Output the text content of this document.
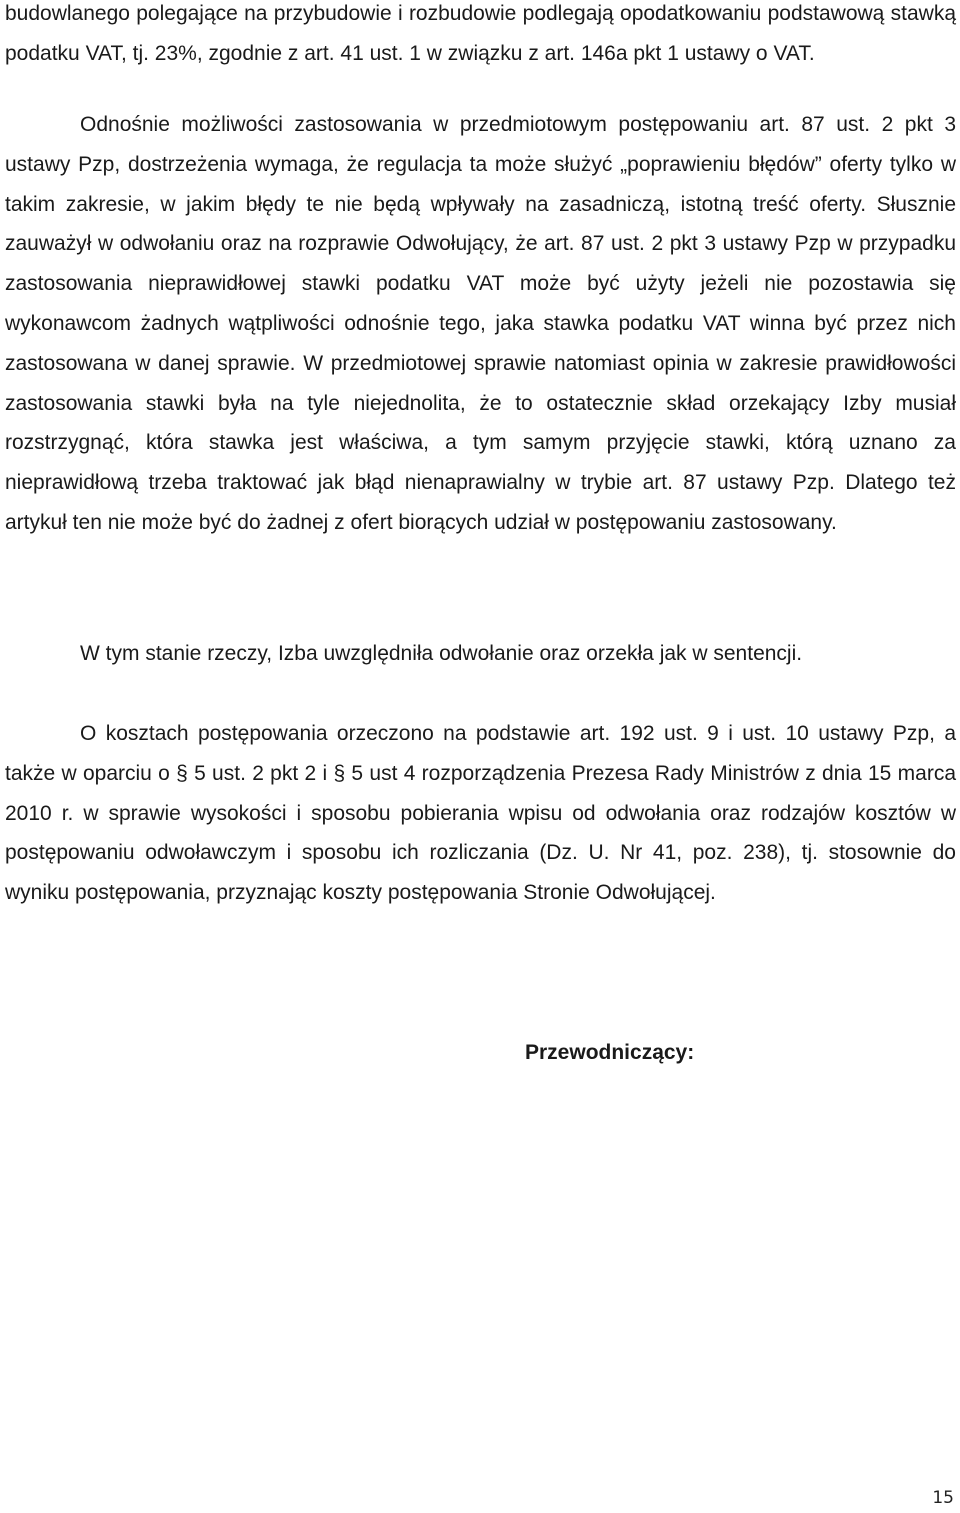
budowlanego polegające na przybudowie i rozbudowie podlegają opodatkowaniu podstawową stawką podatku VAT, tj. 23%, zgodnie z art. 41 ust. 1 w związku z art. 146a pkt 1 ustawy o VAT.

Odnośnie możliwości zastosowania w przedmiotowym postępowaniu art. 87 ust. 2 pkt 3 ustawy Pzp, dostrzeżenia wymaga, że regulacja ta może służyć „poprawieniu błędów” oferty tylko w takim zakresie, w jakim błędy te nie będą wpływały na zasadniczą, istotną treść oferty. Słusznie zauważył w odwołaniu oraz na rozprawie Odwołujący, że art. 87 ust. 2 pkt 3 ustawy Pzp w przypadku zastosowania nieprawidłowej stawki podatku VAT może być użyty jeżeli nie pozostawia się wykonawcom żadnych wątpliwości odnośnie tego, jaka stawka podatku VAT winna być przez nich zastosowana w danej sprawie. W przedmiotowej sprawie natomiast opinia w zakresie prawidłowości zastosowania stawki była na tyle niejednolita, że to ostatecznie skład orzekający Izby musiał rozstrzygnąć, która stawka jest właściwa, a tym samym przyjęcie stawki, którą uznano za nieprawidłową trzeba traktować jak błąd nienaprawialny w trybie art. 87 ustawy Pzp. Dlatego też artykuł ten nie może być do żadnej z ofert biorących udział w postępowaniu zastosowany.

W tym stanie rzeczy, Izba uwzględniła odwołanie oraz orzekła jak w sentencji.

O kosztach postępowania orzeczono na podstawie art. 192 ust. 9 i ust. 10 ustawy Pzp, a także w oparciu o § 5 ust. 2 pkt 2 i § 5 ust 4 rozporządzenia Prezesa Rady Ministrów z dnia 15 marca 2010 r. w sprawie wysokości i sposobu pobierania wpisu od odwołania oraz rodzajów kosztów w postępowaniu odwoławczym i sposobu ich rozliczania (Dz. U. Nr 41, poz. 238), tj. stosownie do wyniku postępowania, przyznając koszty postępowania Stronie Odwołującej.

Przewodniczący:

15
